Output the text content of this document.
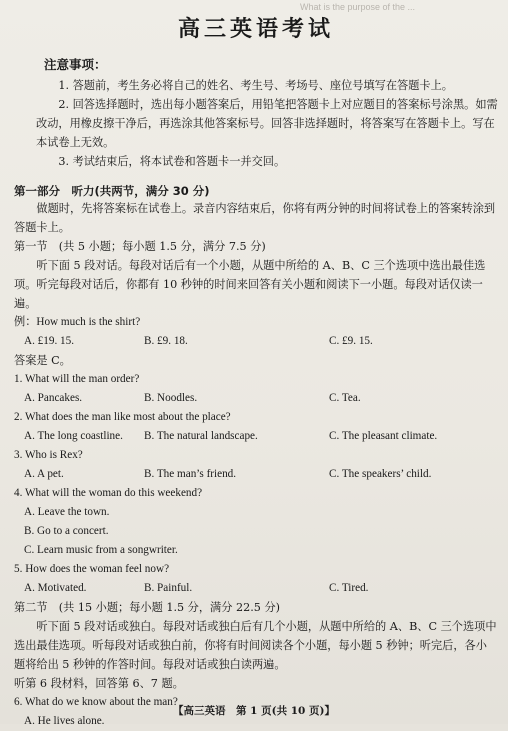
What is the purpose of the ...
高三英语考试
注意事项：

1. 答题前，考生务必将自己的姓名、考生号、考场号、座位号填写在答题卡上。

2. 回答选择题时，选出每小题答案后，用铅笔把答题卡上对应题目的答案标号涂黑。如需改动，用橡皮擦干净后，再选涂其他答案标号。回答非选择题时，将答案写在答题卡上。写在本试卷上无效。

3. 考试结束后，将本试卷和答题卡一并交回。

第一部分　听力(共两节，满分 30 分)

做题时，先将答案标在试卷上。录音内容结束后，你将有两分钟的时间将试卷上的答案转涂到答题卡上。

第一节　(共 5 小题；每小题 1.5 分，满分 7.5 分)

听下面 5 段对话。每段对话后有一个小题，从题中所给的 A、B、C 三个选项中选出最佳选项。听完每段对话后，你都有 10 秒钟的时间来回答有关小题和阅读下一小题。每段对话仅读一遍。

例：How much is the shirt?
A. £19. 15.	B. £9. 18.	C. £9. 15.
答案是 C。
1. What will the man order?
A. Pancakes.	B. Noodles.	C. Tea.
2. What does the man like most about the place?
A. The long coastline.	B. The natural landscape.	C. The pleasant climate.
3. Who is Rex?
A. A pet.	B. The man’s friend.	C. The speakers’ child.
4. What will the woman do this weekend?
A. Leave the town.
B. Go to a concert.
C. Learn music from a songwriter.
5. How does the woman feel now?
A. Motivated.	B. Painful.	C. Tired.
第二节　(共 15 小题；每小题 1.5 分，满分 22.5 分)

听下面 5 段对话或独白。每段对话或独白后有几个小题，从题中所给的 A、B、C 三个选项中选出最佳选项。听每段对话或独白前，你将有时间阅读各个小题，每小题 5 秒钟；听完后，各小题将给出 5 秒钟的作答时间。每段对话或独白读两遍。

听第 6 段材料，回答第 6、7 题。
6. What do we know about the man?
A. He lives alone.
【高三英语　第 1 页(共 10 页)】
